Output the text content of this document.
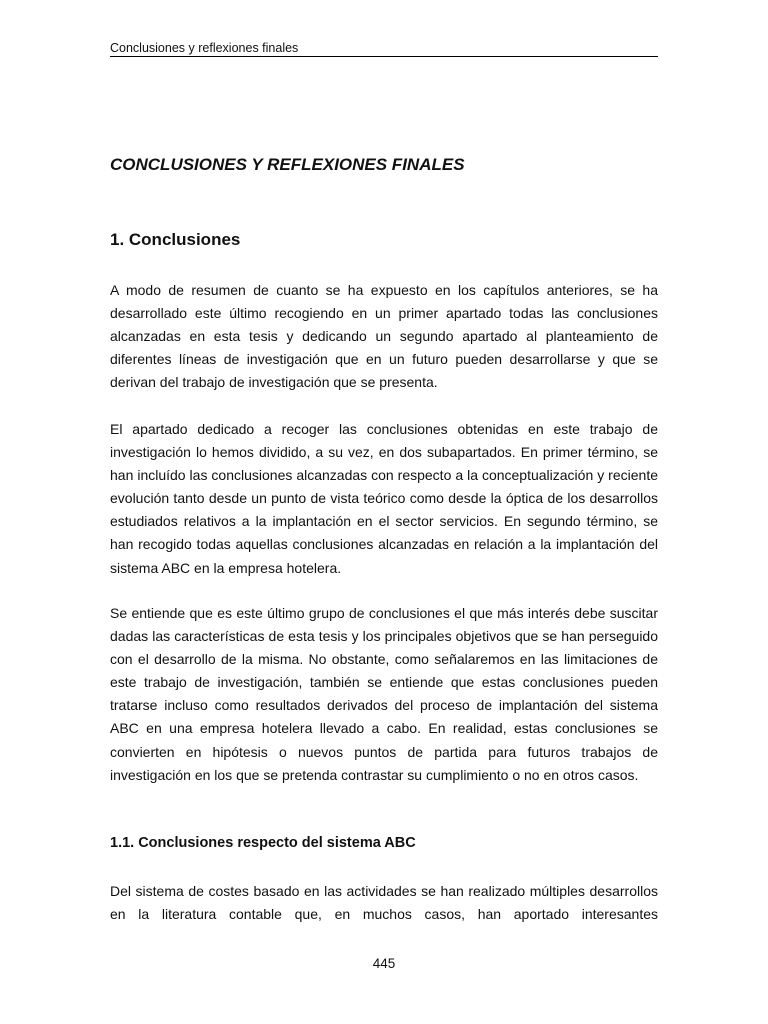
Conclusiones y reflexiones finales
CONCLUSIONES Y REFLEXIONES FINALES
1. Conclusiones

A modo de resumen de cuanto se ha expuesto en los capítulos anteriores, se ha desarrollado este último recogiendo en un primer apartado todas las conclusiones alcanzadas en esta tesis y dedicando un segundo apartado al planteamiento de diferentes líneas de investigación que en un futuro pueden desarrollarse y que se derivan del trabajo de investigación que se presenta.

El apartado dedicado a recoger las conclusiones obtenidas en este trabajo de investigación lo hemos dividido, a su vez, en dos subapartados. En primer término, se han incluído las conclusiones alcanzadas con respecto a la conceptualización y reciente evolución tanto desde un punto de vista teórico como desde la óptica de los desarrollos estudiados relativos a la implantación en el sector servicios. En segundo término, se han recogido todas aquellas conclusiones alcanzadas en relación a la implantación del sistema ABC en la empresa hotelera.

Se entiende que es este último grupo de conclusiones el que más interés debe suscitar dadas las características de esta tesis y los principales objetivos que se han perseguido con el desarrollo de la misma. No obstante, como señalaremos en las limitaciones de este trabajo de investigación, también se entiende que estas conclusiones pueden tratarse incluso como resultados derivados del proceso de implantación del sistema ABC en una empresa hotelera llevado a cabo. En realidad, estas conclusiones se convierten en hipótesis o nuevos puntos de partida para futuros trabajos de investigación en los que se pretenda contrastar su cumplimiento o no en otros casos.

1.1. Conclusiones respecto del sistema ABC

Del sistema de costes basado en las actividades se han realizado múltiples desarrollos en la literatura contable que, en muchos casos, han aportado interesantes

445
